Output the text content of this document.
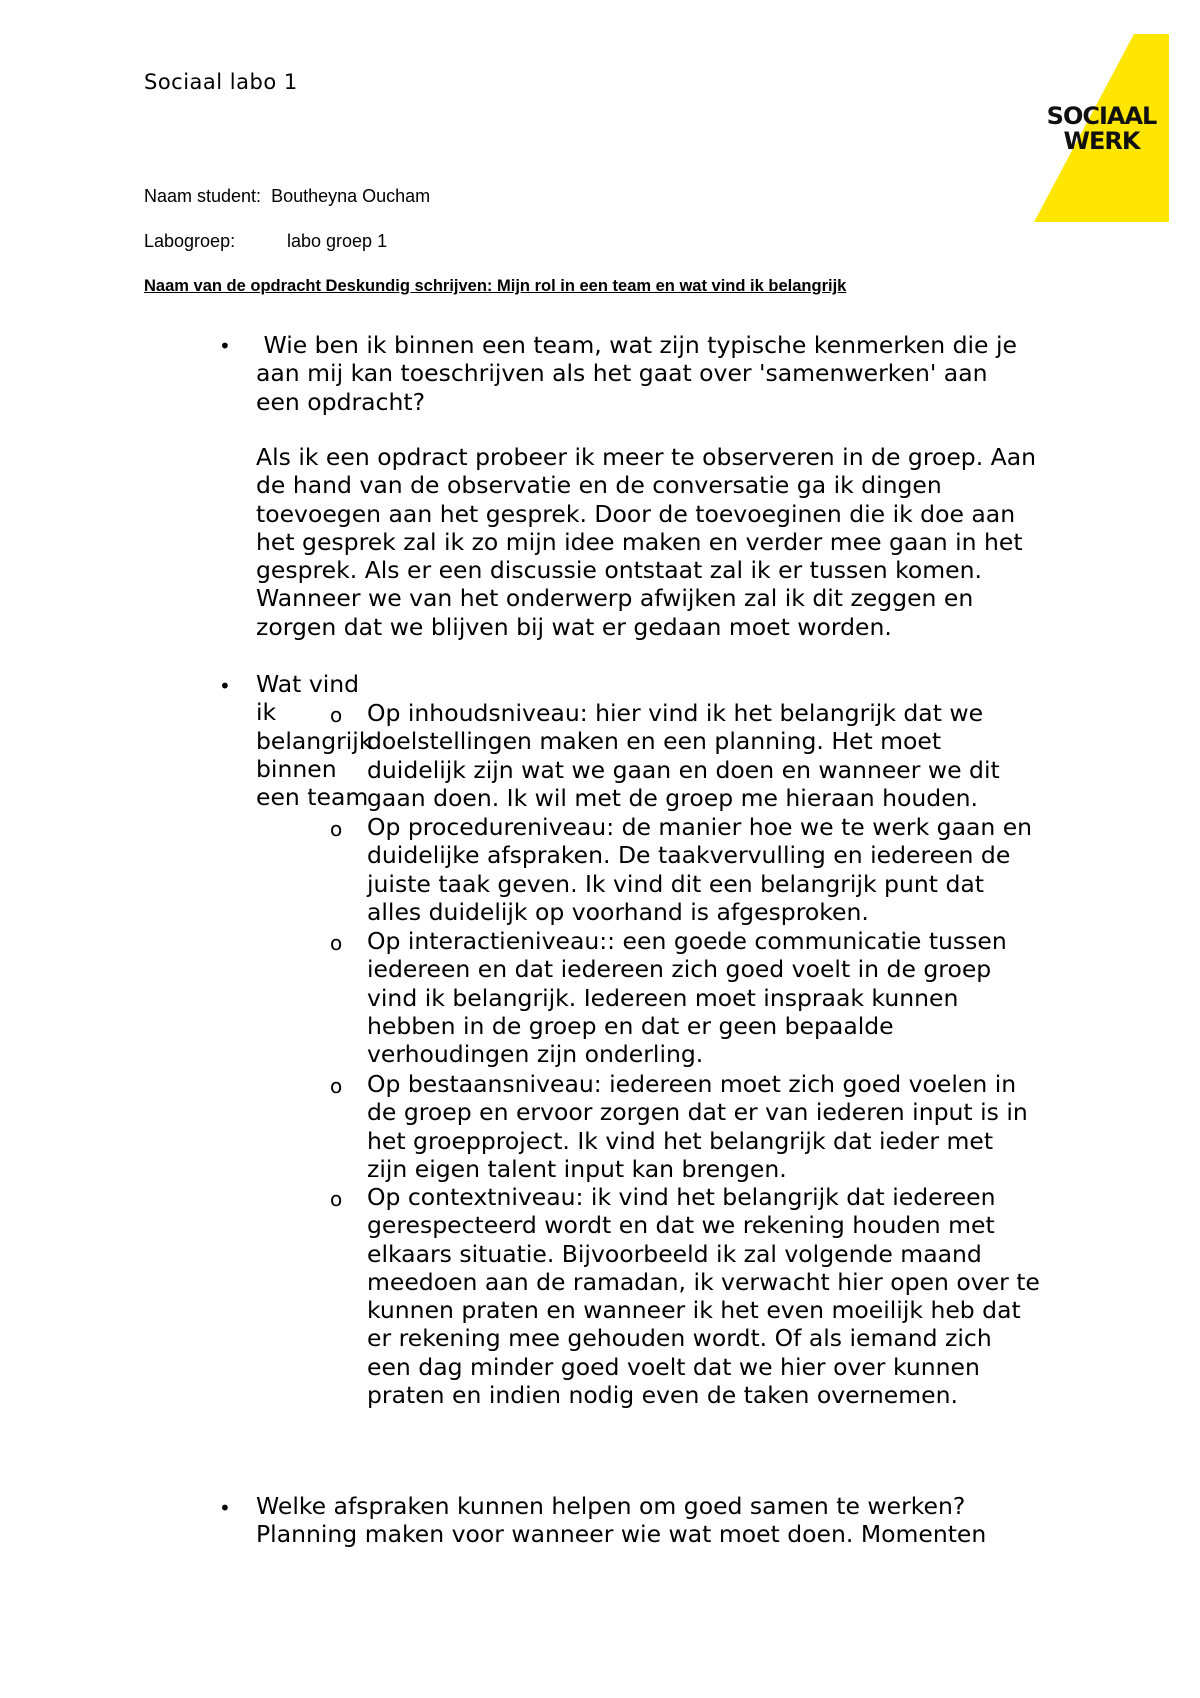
Sociaal labo 1
SOCIAAL
WERK
Naam student: Boutheyna Oucham
Labogroep:	labo groep 1
Naam van de opdracht Deskundig schrijven: Mijn rol in een team en wat vind ik belangrijk
• Wie ben ik binnen een team, wat zijn typische kenmerken die je
aan mij kan toeschrijven als het gaat over 'samenwerken' aan
een opdracht?
Als ik een opdract probeer ik meer te observeren in de groep. Aan
de hand van de observatie en de conversatie ga ik dingen
toevoegen aan het gesprek. Door de toevoeginen die ik doe aan
het gesprek zal ik zo mijn idee maken en verder mee gaan in het
gesprek. Als er een discussie ontstaat zal ik er tussen komen.
Wanneer we van het onderwerp afwijken zal ik dit zeggen en
zorgen dat we blijven bij wat er gedaan moet worden.
• Wat vind ik belangrijk binnen een team
o Op inhoudsniveau: hier vind ik het belangrijk dat we
doelstellingen maken en een planning. Het moet
duidelijk zijn wat we gaan en doen en wanneer we dit
gaan doen. Ik wil met de groep me hieraan houden.
o Op procedureniveau: de manier hoe we te werk gaan en
duidelijke afspraken. De taakvervulling en iedereen de
juiste taak geven. Ik vind dit een belangrijk punt dat
alles duidelijk op voorhand is afgesproken.
o Op interactieniveau:: een goede communicatie tussen
iedereen en dat iedereen zich goed voelt in de groep
vind ik belangrijk. Iedereen moet inspraak kunnen
hebben in de groep en dat er geen bepaalde
verhoudingen zijn onderling.
o Op bestaansniveau: iedereen moet zich goed voelen in
de groep en ervoor zorgen dat er van iederen input is in
het groepproject. Ik vind het belangrijk dat ieder met
zijn eigen talent input kan brengen.
o Op contextniveau: ik vind het belangrijk dat iedereen
gerespecteerd wordt en dat we rekening houden met
elkaars situatie. Bijvoorbeeld ik zal volgende maand
meedoen aan de ramadan, ik verwacht hier open over te
kunnen praten en wanneer ik het even moeilijk heb dat
er rekening mee gehouden wordt. Of als iemand zich
een dag minder goed voelt dat we hier over kunnen
praten en indien nodig even de taken overnemen.
• Welke afspraken kunnen helpen om goed samen te werken?
Planning maken voor wanneer wie wat moet doen. Momenten
